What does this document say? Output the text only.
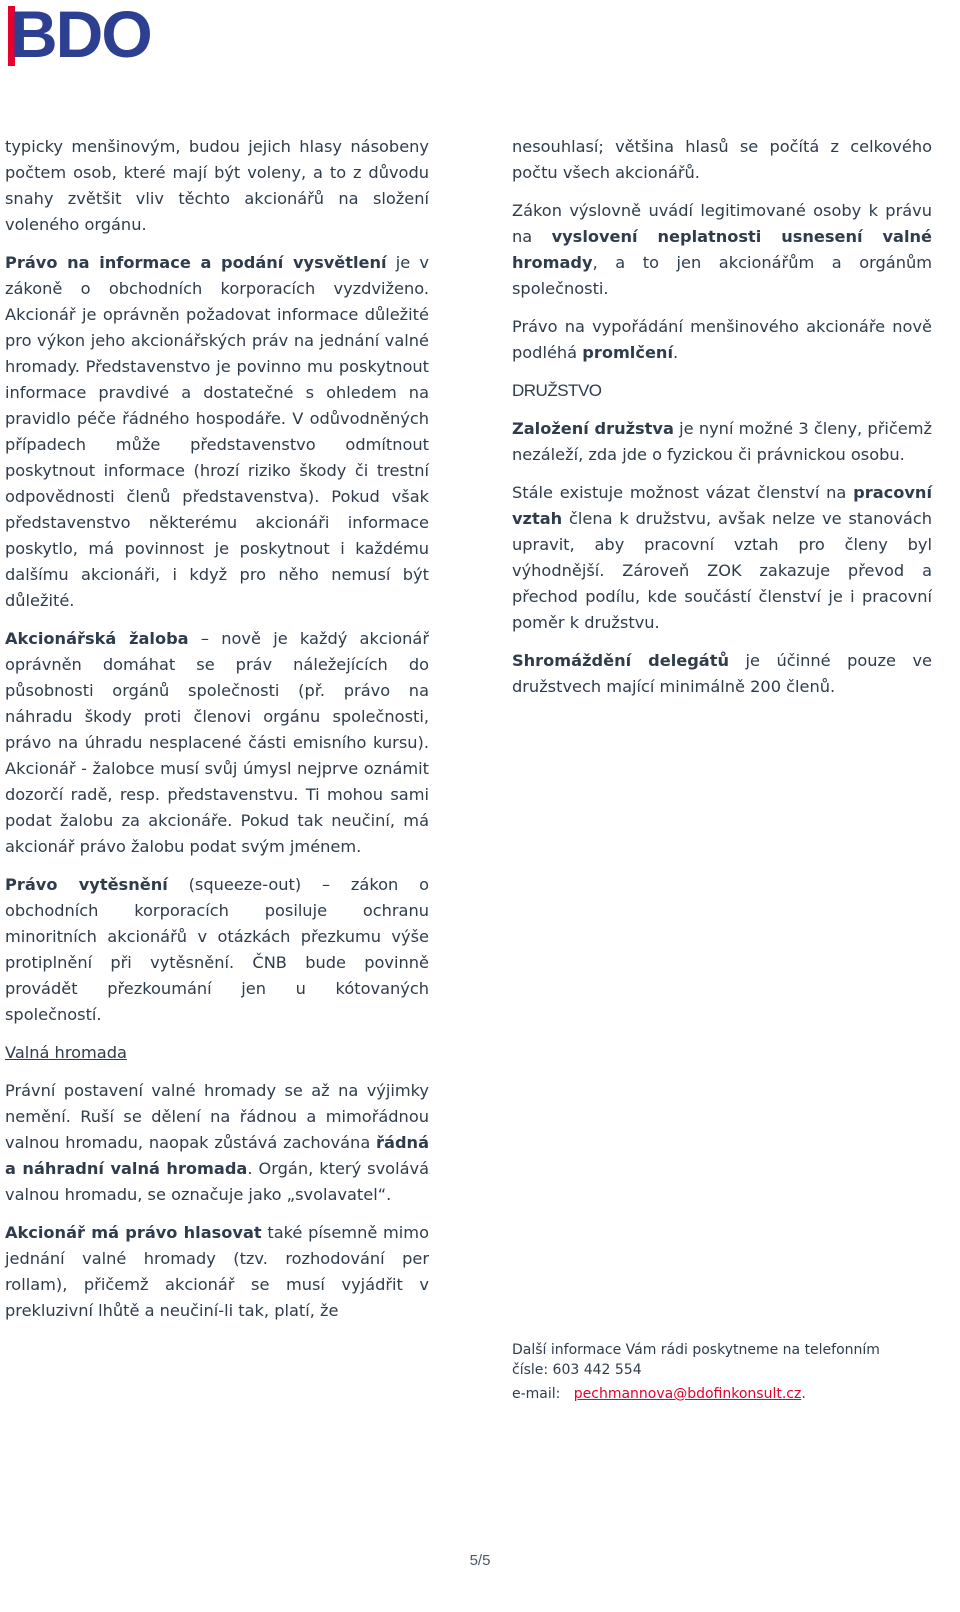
BDO

typicky menšinovým, budou jejich hlasy násobeny počtem osob, které mají být voleny, a to z důvodu snahy zvětšit vliv těchto akcionářů na složení voleného orgánu.

Právo na informace a podání vysvětlení je v zákoně o obchodních korporacích vyzdviženo. Akcionář je oprávněn požadovat informace důležité pro výkon jeho akcionářských práv na jednání valné hromady. Představenstvo je povinno mu poskytnout informace pravdivé a dostatečné s ohledem na pravidlo péče řádného hospodáře. V odůvodněných případech může představenstvo odmítnout poskytnout informace (hrozí riziko škody či trestní odpovědnosti členů představenstva). Pokud však představenstvo některému akcionáři informace poskytlo, má povinnost je poskytnout i každému dalšímu akcionáři, i když pro něho nemusí být důležité.

Akcionářská žaloba – nově je každý akcionář oprávněn domáhat se práv náležejících do působnosti orgánů společnosti (př. právo na náhradu škody proti členovi orgánu společnosti, právo na úhradu nesplacené části emisního kursu). Akcionář - žalobce musí svůj úmysl nejprve oznámit dozorčí radě, resp. představenstvu. Ti mohou sami podat žalobu za akcionáře. Pokud tak neučiní, má akcionář právo žalobu podat svým jménem.

Právo vytěsnění (squeeze-out) – zákon o obchodních korporacích posiluje ochranu minoritních akcionářů v otázkách přezkumu výše protiplnění při vytěsnění. ČNB bude povinně provádět přezkoumání jen u kótovaných společností.

Valná hromada

Právní postavení valné hromady se až na výjimky nemění. Ruší se dělení na řádnou a mimořádnou valnou hromadu, naopak zůstává zachována řádná a náhradní valná hromada. Orgán, který svolává valnou hromadu, se označuje jako „svolavatel“.

Akcionář má právo hlasovat také písemně mimo jednání valné hromady (tzv. rozhodování per rollam), přičemž akcionář se musí vyjádřit v prekluzivní lhůtě a neučiní-li tak, platí, že

nesouhlasí; většina hlasů se počítá z celkového počtu všech akcionářů.

Zákon výslovně uvádí legitimované osoby k právu na vyslovení neplatnosti usnesení valné hromady, a to jen akcionářům a orgánům společnosti.

Právo na vypořádání menšinového akcionáře nově podléhá promlčení.

DRUŽSTVO

Založení družstva je nyní možné 3 členy, přičemž nezáleží, zda jde o fyzickou či právnickou osobu.

Stále existuje možnost vázat členství na pracovní vztah člena k družstvu, avšak nelze ve stanovách upravit, aby pracovní vztah pro členy byl výhodnější. Zároveň ZOK zakazuje převod a přechod podílu, kde součástí členství je i pracovní poměr k družstvu.

Shromáždění delegátů je účinné pouze ve družstvech mající minimálně 200 členů.

Další informace Vám rádi poskytneme na telefonním
čísle: 603 442 554
e-mail: pechmannova@bdofinkonsult.cz.
5/5
